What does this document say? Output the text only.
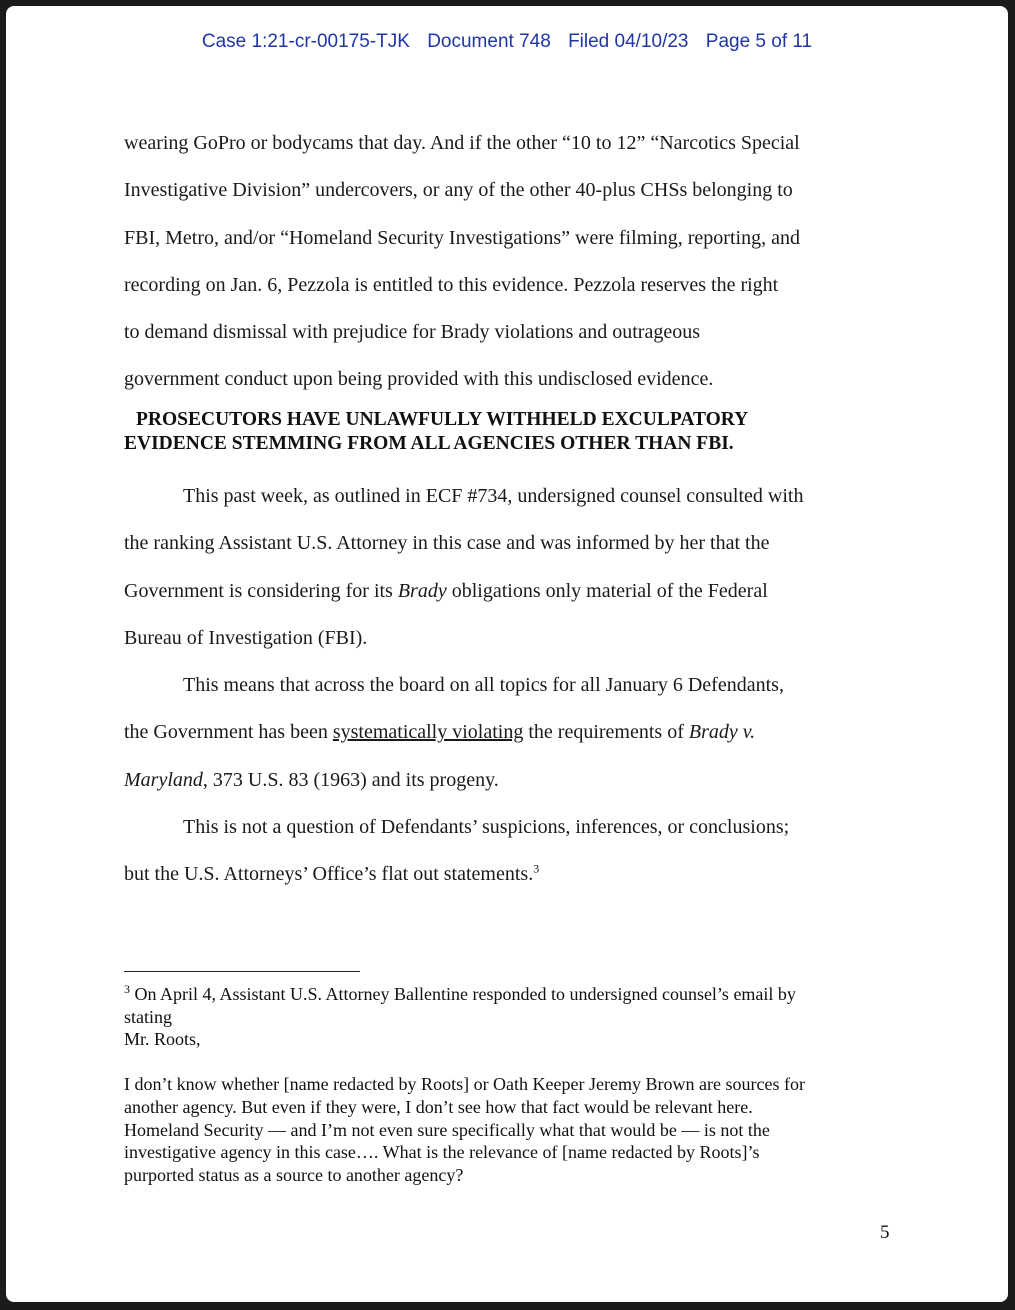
Case 1:21-cr-00175-TJK Document 748 Filed 04/10/23 Page 5 of 11

wearing GoPro or bodycams that day. And if the other “10 to 12” “Narcotics Special

Investigative Division” undercovers, or any of the other 40-plus CHSs belonging to

FBI, Metro, and/or “Homeland Security Investigations” were filming, reporting, and

recording on Jan. 6, Pezzola is entitled to this evidence. Pezzola reserves the right

to demand dismissal with prejudice for Brady violations and outrageous

government conduct upon being provided with this undisclosed evidence.

PROSECUTORS HAVE UNLAWFULLY WITHHELD EXCULPATORY
EVIDENCE STEMMING FROM ALL AGENCIES OTHER THAN FBI.

This past week, as outlined in ECF #734, undersigned counsel consulted with

the ranking Assistant U.S. Attorney in this case and was informed by her that the

Government is considering for its Brady obligations only material of the Federal

Bureau of Investigation (FBI).

This means that across the board on all topics for all January 6 Defendants,

the Government has been systematically violating the requirements of Brady v.

Maryland, 373 U.S. 83 (1963) and its progeny.

This is not a question of Defendants’ suspicions, inferences, or conclusions;

but the U.S. Attorneys’ Office’s flat out statements.$^3$

$^3$ On April 4, Assistant U.S. Attorney Ballentine responded to undersigned counsel’s email by

stating

Mr. Roots,

I don’t know whether [name redacted by Roots] or Oath Keeper Jeremy Brown are sources for

another agency. But even if they were, I don’t see how that fact would be relevant here.

Homeland Security — and I’m not even sure specifically what that would be — is not the

investigative agency in this case…. What is the relevance of [name redacted by Roots]’s

purported status as a source to another agency?

5
